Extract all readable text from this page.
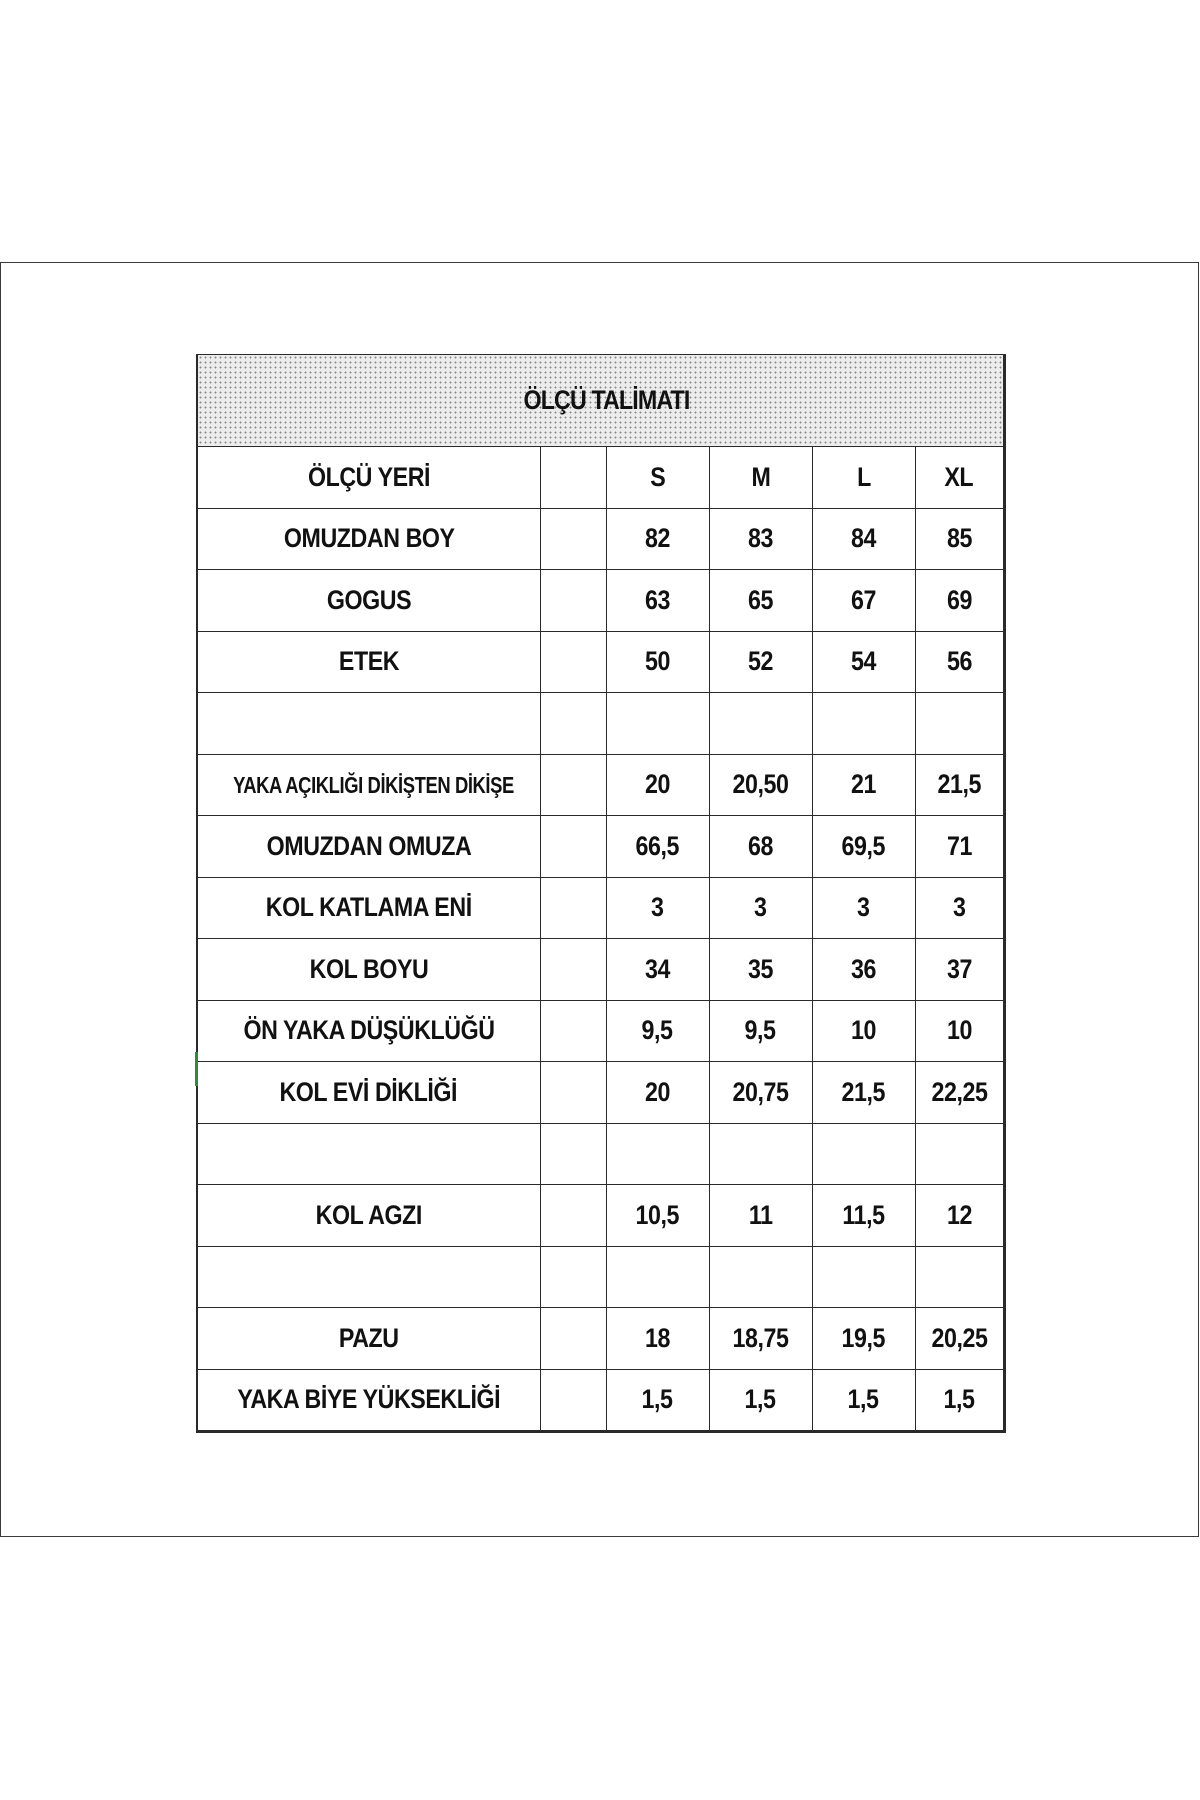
ÖLÇÜ TALİMATI
ÖLÇÜ YERİ		S	M	L	XL
OMUZDAN BOY		82	83	84	85
GOGUS		63	65	67	69
ETEK		50	52	54	56

YAKA AÇIKLIĞI DİKİŞTEN DİKİŞE		20	20,50	21	21,5
OMUZDAN OMUZA		66,5	68	69,5	71
KOL KATLAMA ENİ		3	3	3	3
KOL BOYU		34	35	36	37
ÖN YAKA DÜŞÜKLÜĞÜ		9,5	9,5	10	10
KOL EVİ DİKLİĞİ		20	20,75	21,5	22,25

KOL AGZI		10,5	11	11,5	12

PAZU		18	18,75	19,5	20,25
YAKA BİYE YÜKSEKLİĞİ		1,5	1,5	1,5	1,5
